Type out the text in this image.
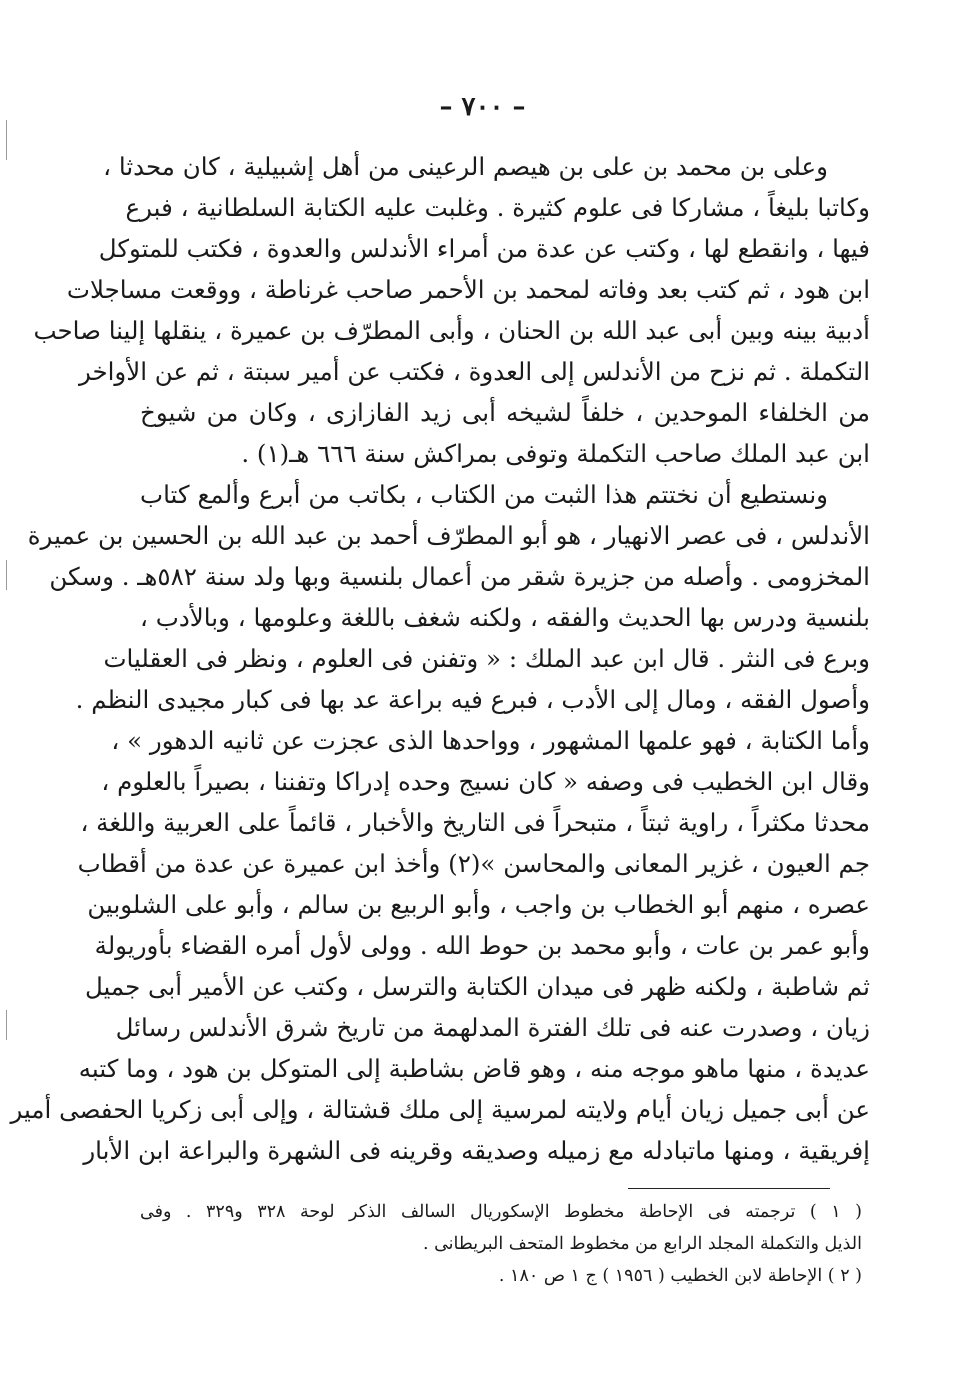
– ٧٠٠ –
وعلى بن محمد بن على بن هيصم الرعينى من أهل إشبيلية ، كان محدثا ،
وكاتبا بليغاً ، مشاركا فى علوم كثيرة . وغلبت عليه الكتابة السلطانية ، فبرع
فيها ، وانقطع لها ، وكتب عن عدة من أمراء الأندلس والعدوة ، فكتب للمتوكل
ابن هود ، ثم كتب بعد وفاته لمحمد بن الأحمر صاحب غرناطة ، ووقعت مساجلات
أدبية بينه وبين أبى عبد الله بن الحنان ، وأبى المطرّف بن عميرة ، ينقلها إلينا صاحب
التكملة . ثم نزح من الأندلس إلى العدوة ، فكتب عن أمير سبتة ، ثم عن الأواخر
من الخلفاء الموحدين ، خلفاً لشيخه أبى زيد الفازازى ، وكان من شيوخ
ابن عبد الملك صاحب التكملة وتوفى بمراكش سنة ٦٦٦ هـ(١) .
ونستطيع أن نختتم هذا الثبت من الكتاب ، بكاتب من أبرع وألمع كتاب
الأندلس ، فى عصر الانهيار ، هو أبو المطرّف أحمد بن عبد الله بن الحسين بن عميرة
المخزومى . وأصله من جزيرة شقر من أعمال بلنسية وبها ولد سنة ٥٨٢هـ . وسكن
بلنسية ودرس بها الحديث والفقه ، ولكنه شغف باللغة وعلومها ، وبالأدب ،
وبرع فى النثر . قال ابن عبد الملك : « وتفنن فى العلوم ، ونظر فى العقليات
وأصول الفقه ، ومال إلى الأدب ، فبرع فيه براعة عد بها فى كبار مجيدى النظم .
وأما الكتابة ، فهو علمها المشهور ، وواحدها الذى عجزت عن ثانيه الدهور » ،
وقال ابن الخطيب فى وصفه « كان نسيج وحده إدراكا وتفننا ، بصيراً بالعلوم ،
محدثا مكثراً ، راوية ثبتاً ، متبحراً فى التاريخ والأخبار ، قائماً على العربية واللغة ،
جم العيون ، غزير المعانى والمحاسن »(٢) وأخذ ابن عميرة عن عدة من أقطاب
عصره ، منهم أبو الخطاب بن واجب ، وأبو الربيع بن سالم ، وأبو على الشلوبين
وأبو عمر بن عات ، وأبو محمد بن حوط الله . وولى لأول أمره القضاء بأوريولة
ثم شاطبة ، ولكنه ظهر فى ميدان الكتابة والترسل ، وكتب عن الأمير أبى جميل
زيان ، وصدرت عنه فى تلك الفترة المدلهمة من تاريخ شرق الأندلس رسائل
عديدة ، منها ماهو موجه منه ، وهو قاض بشاطبة إلى المتوكل بن هود ، وما كتبه
عن أبى جميل زيان أيام ولايته لمرسية إلى ملك قشتالة ، وإلى أبى زكريا الحفصى أمير
إفريقية ، ومنها ماتبادله مع زميله وصديقه وقرينه فى الشهرة والبراعة ابن الأبار
( ١ ) ترجمته فى الإحاطة مخطوط الإسكوريال السالف الذكر لوحة ٣٢٨ و٣٢٩ . وفى
الذيل والتكملة المجلد الرابع من مخطوط المتحف البريطانى .
( ٢ ) الإحاطة لابن الخطيب ( ١٩٥٦ ) ج ١ ص ١٨٠ .
